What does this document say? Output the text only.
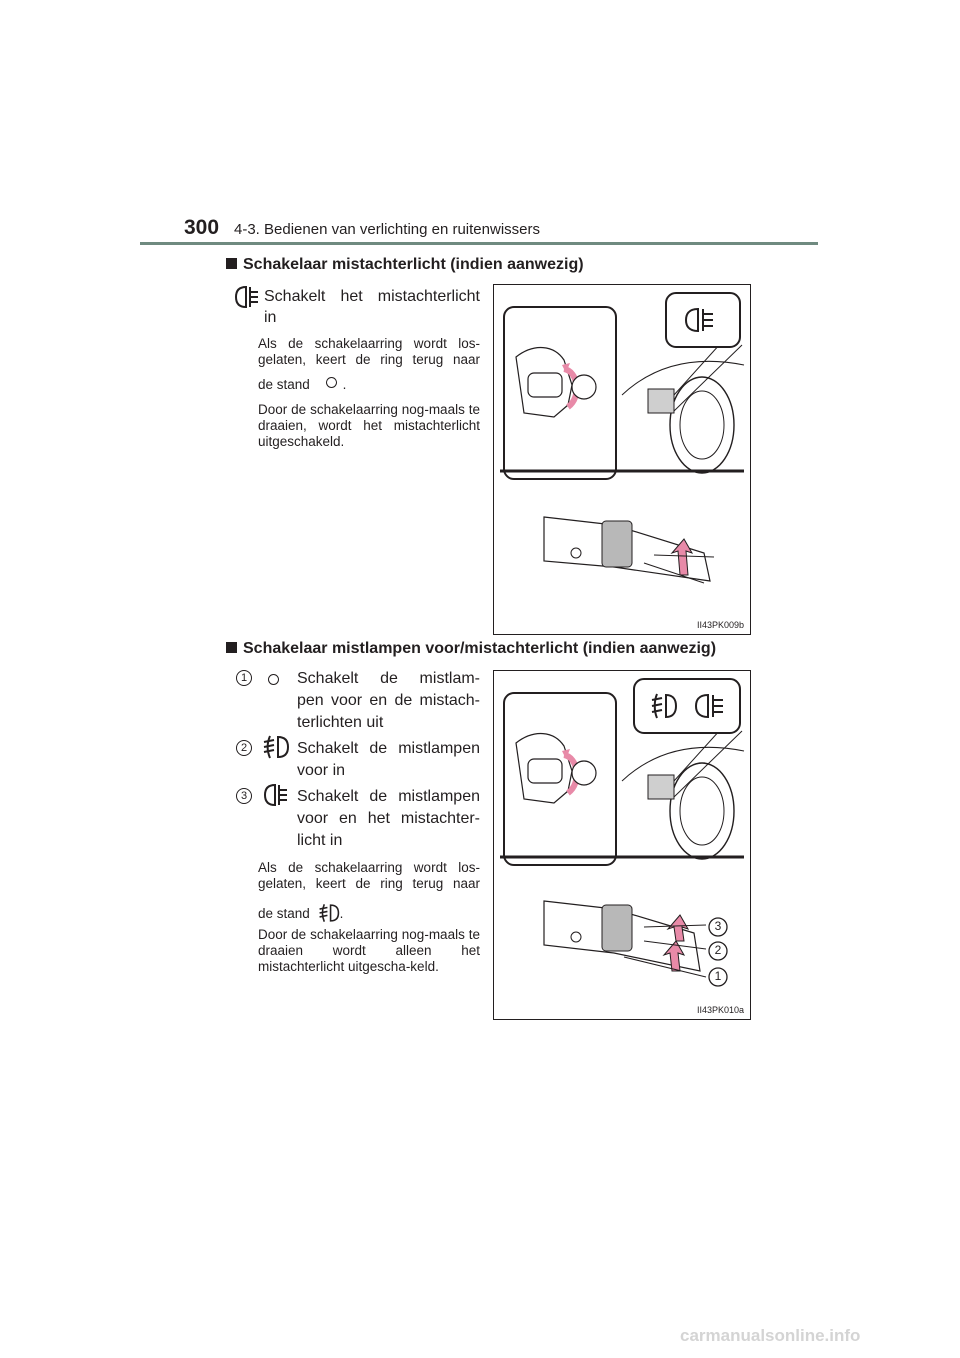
300 4-3. Bedienen van verlichting en ruitenwissers
Schakelaar mistachterlicht (indien aanwezig)
Schakelt het mistachterlicht
in
Als de schakelaarring wordt los-
gelaten, keert de ring terug naar
de stand .
Door de schakelaarring nog-maals te draaien, wordt het mistachterlicht uitgeschakeld.
II43PK009b
Schakelaar mistlampen voor/mistachterlicht (indien aanwezig)
1	Schakelt de mistlam-
pen voor en de mistach-
terlichten uit
2	Schakelt de mistlampen
voor in
3	Schakelt de mistlampen
voor en het mistachter-
licht in
Als de schakelaarring wordt los-
gelaten, keert de ring terug naar
de stand .
Door de schakelaarring nog-maals te draaien wordt alleen het mistachterlicht uitgescha-keld.
3
2
1
II43PK010a
carmanualsonline.info
